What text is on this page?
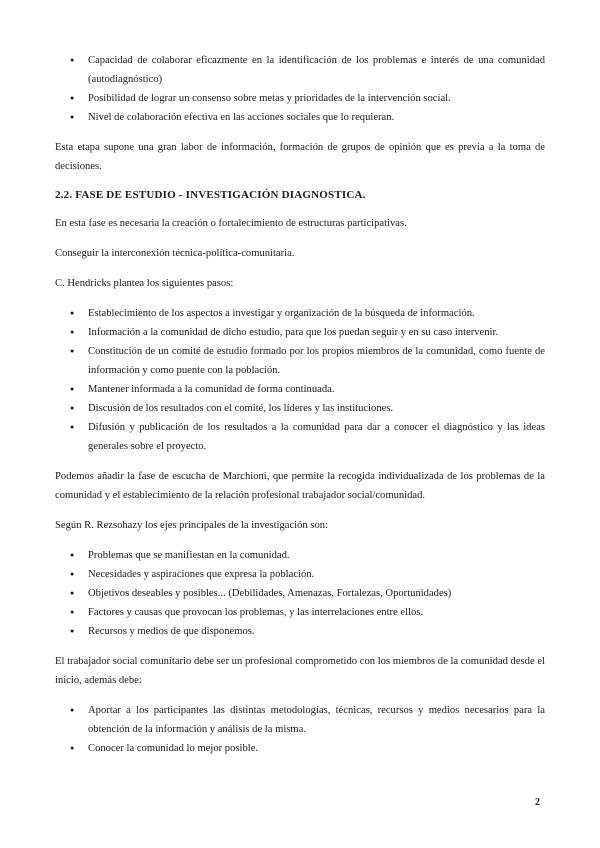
● Capacidad de colaborar eficazmente en la identificación de los problemas e interés de una comunidad (autodiagnóstico)
● Posibilidad de lograr un consenso sobre metas y prioridades de la intervención social.
● Nivel de colaboración efectiva en las acciones sociales que lo requieran.

Esta etapa supone una gran labor de información, formación de grupos de opinión que es previa a la toma de decisiones.

2.2. FASE DE ESTUDIO - INVESTIGACIÓN DIAGNOSTICA.

En esta fase es necesaria la creación o fortalecimiento de estructuras participativas.

Conseguir la interconexión técnica-política-comunitaria.

C. Hendricks plantea los siguientes pasos:

● Establecimiento de los aspectos a investigar y organización de la búsqueda de información.
● Información a la comunidad de dicho estudio, para que los puedan seguir y en su caso intervenir.
● Constitución de un comité de estudio formado por los propios miembros de la comunidad, como fuente de información y como puente con la población.
● Mantener informada a la comunidad de forma continuada.
● Discusión de los resultados con el comité, los líderes y las instituciones.
● Difusión y publicación de los resultados a la comunidad para dar a conocer el diagnóstico y las ideas generales sobre el proyecto.

Podemos añadir la fase de escucha de Marchioni, que permite la recogida individualizada de los problemas de la comunidad y el establecimiento de la relación profesional trabajador social/comunidad.

Según R. Rezsohazy los ejes principales de la investigación son:

● Problemas que se manifiestan en la comunidad.
● Necesidades y aspiraciones que expresa la población.
● Objetivos deseables y posibles... (Debilidades, Amenazas, Fortalezas, Oportunidades)
● Factores y causas que provocan los problemas, y las interrelaciones entre ellos.
● Recursos y medios de que disponemos.

El trabajador social comunitario debe ser un profesional comprometido con los miembros de la comunidad desde el inicio, además debe:

● Aportar a los participantes las distintas metodologías, técnicas, recursos y medios necesarios para la obtención de la información y análisis de la misma.
● Conocer la comunidad lo mejor posible.
2
